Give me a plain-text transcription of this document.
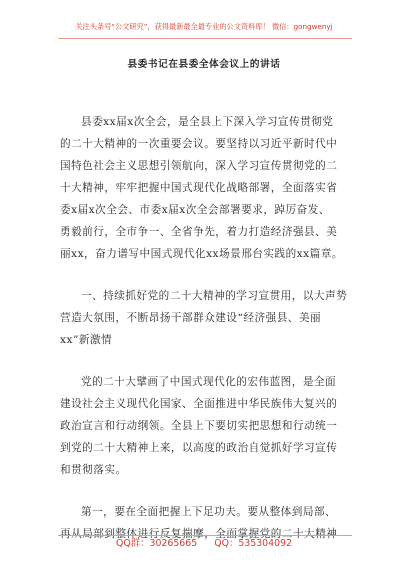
关注头条号“公文研究”，获得最新最全最专业的公文资料库！ 微信：gongwenyj
县委书记在县委全体会议上的讲话
县委xx届x次全会，是全县上下深入学习宣传贯彻党
的二十大精神的一次重要会议。要坚持以习近平新时代中
国特色社会主义思想引领航向，深入学习宣传贯彻党的二
十大精神，牢牢把握中国式现代化战略部署，全面落实省
委x届x次全会、市委x届x次全会部署要求，踔厉奋发、
勇毅前行，全市争一、全省争先，着力打造经济强县、美
丽xx，奋力谱写中国式现代化xx场景邢台实践的xx篇章。
一、持续抓好党的二十大精神的学习宣贯用，以大声势
营造大氛围，不断昂扬干部群众建设“经济强县、美丽
xx”新激情
党的二十大擘画了中国式现代化的宏伟蓝图，是全面
建设社会主义现代化国家、全面推进中华民族伟大复兴的
政治宣言和行动纲领。全县上下要切实把思想和行动统一
到党的二十大精神上来，以高度的政治自觉抓好学习宣传
和贯彻落实。
第一，要在全面把握上下足功夫。要从整体到局部、
再从局部到整体进行反复揣摩，全面掌握党的二十大精神
QQ群：30265665 QQ：535304092
